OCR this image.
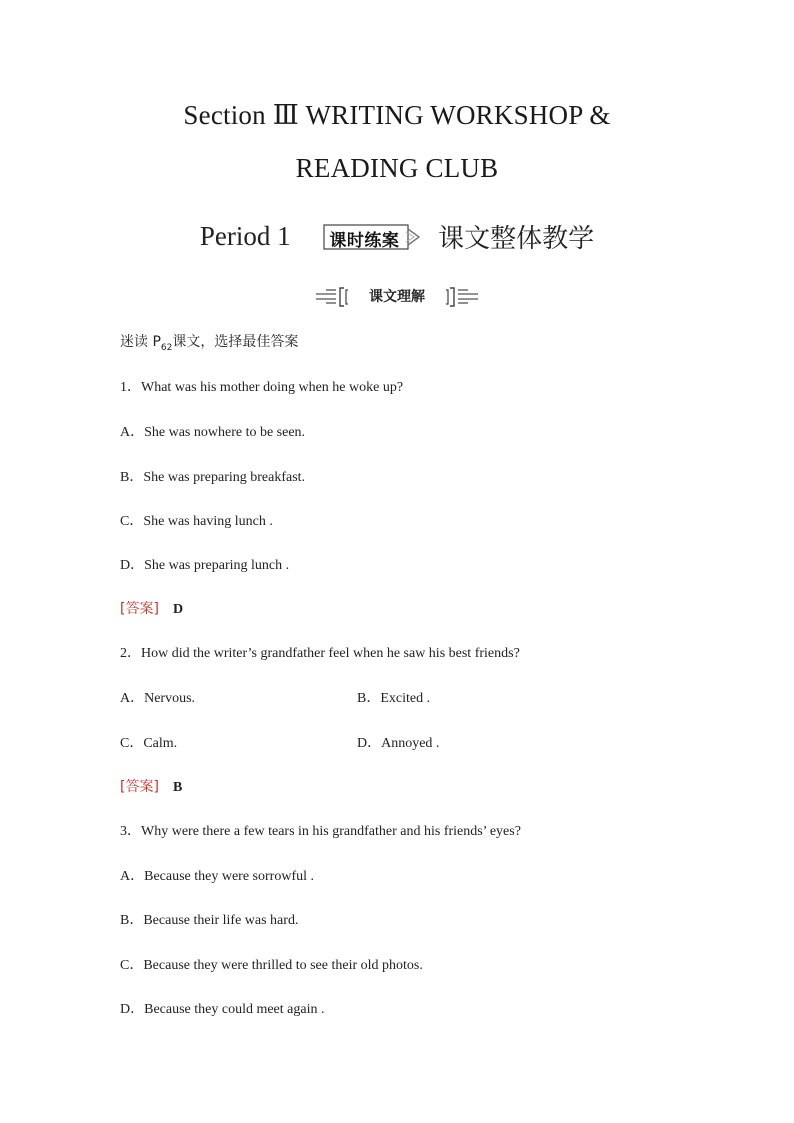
Section Ⅲ WRITING WORKSHOP &
READING CLUB
Period 1 课时练案 课文整体教学
课文理解
迷读 $P_{62}$课文，选择最佳答案
1．What was his mother doing when he woke up?
A．She was nowhere to be seen.
B．She was preparing breakfast.
C．She was having lunch .
D．She was preparing lunch .
[答案] D
2．How did the writer’s grandfather feel when he saw his best friends?
A．Nervous.	B．Excited .
C．Calm.	D．Annoyed .
[答案] B
3．Why were there a few tears in his grandfather and his friends’ eyes?
A．Because they were sorrowful .
B．Because their life was hard.
C．Because they were thrilled to see their old photos.
D．Because they could meet again .
